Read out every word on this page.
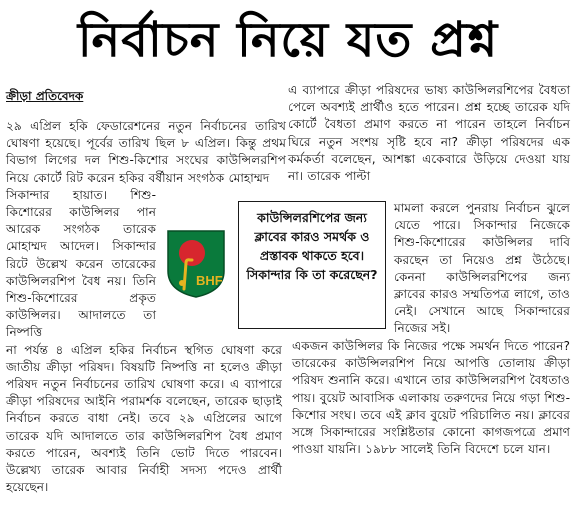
নির্বাচন নিয়ে যত প্রশ্ন
ক্রীড়া প্রতিবেদক

২৯ এপ্রিল হকি ফেডারেশনের নতুন নির্বাচনের তারিখ ঘোষণা হয়েছে। পূর্বের তারিখ ছিল ৮ এপ্রিল। কিন্তু প্রথম বিভাগ লিগের দল শিশু-কিশোর সংঘের কাউন্সিলরশিপ নিয়ে কোর্টে রিট করেন হকির বর্ষীয়ান সংগঠক মোহাম্মদ

সিকান্দার হায়াত। শিশু-কিশোরের কাউন্সিলর পান আরেক সংগঠক তারেক মোহাম্মদ আদেল। সিকান্দার রিটে উল্লেখ করেন তারেকের কাউন্সিলরশিপ বৈধ নয়। তিনি শিশু-কিশোরের প্রকৃত কাউন্সিলর। আদালতে তা নিষ্পত্তি

না পর্যন্ত ৪ এপ্রিল হকির নির্বাচন স্থগিত ঘোষণা করে জাতীয় ক্রীড়া পরিষদ। বিষয়টি নিষ্পত্তি না হলেও ক্রীড়া পরিষদ নতুন নির্বাচনের তারিখ ঘোষণা করে। এ ব্যাপারে ক্রীড়া পরিষদের আইনি পরামর্শক বলেছেন, তারেক ছাড়াই নির্বাচন করতে বাধা নেই। তবে ২৯ এপ্রিলের আগে তারেক যদি আদালতে তার কাউন্সিলরশিপ বৈধ প্রমাণ করতে পারেন, অবশ্যই তিনি ভোট দিতে পারবেন। উল্লেখ্য তারেক আবার নির্বাহী সদস্য পদেও প্রার্থী হয়েছেন।

এ ব্যাপারে ক্রীড়া পরিষদের ভাষ্য কাউন্সিলরশিপের বৈধতা পেলে অবশ্যই প্রার্থীও হতে পারেন। প্রশ্ন হচ্ছে তারেক যদি কোর্টে বৈধতা প্রমাণ করতে না পারেন তাহলে নির্বাচন ঘিরে নতুন সংশয় সৃষ্টি হবে না? ক্রীড়া পরিষদের এক কর্মকর্তা বলেছেন, আশঙ্কা একেবারে উড়িয়ে দেওয়া যায় না। তারেক পাল্টা

মামলা করলে পুনরায় নির্বাচন ঝুলে যেতে পারে। সিকান্দার নিজেকে শিশু-কিশোরের কাউন্সিলর দাবি করছেন তা নিয়েও প্রশ্ন উঠেছে। কেননা কাউন্সিলরশিপের জন্য ক্লাবের কারও সম্মতিপত্র লাগে, তাও নেই। সেখানে আছে সিকান্দারের নিজের সই।

একজন কাউন্সিলর কি নিজের পক্ষে সমর্থন দিতে পারেন? তারেকের কাউন্সিলরশিপ নিয়ে আপত্তি তোলায় ক্রীড়া পরিষদ শুনানি করে। এখানে তার কাউন্সিলরশিপ বৈধতাও পায়। বুয়েট আবাসিক এলাকায় তরুণদের নিয়ে গড়া শিশু-কিশোর সংঘ। তবে এই ক্লাব বুয়েট পরিচালিত নয়। ক্লাবের সঙ্গে সিকান্দারের সংশ্লিষ্টতার কোনো কাগজপত্রে প্রমাণ পাওয়া যায়নি। ১৯৮৮ সালেই তিনি বিদেশে চলে যান।

BHF
কাউন্সিলরশিপের জন্য ক্লাবের কারও সমর্থক ও প্রস্তাবক থাকতে হবে। সিকান্দার কি তা করেছেন?
